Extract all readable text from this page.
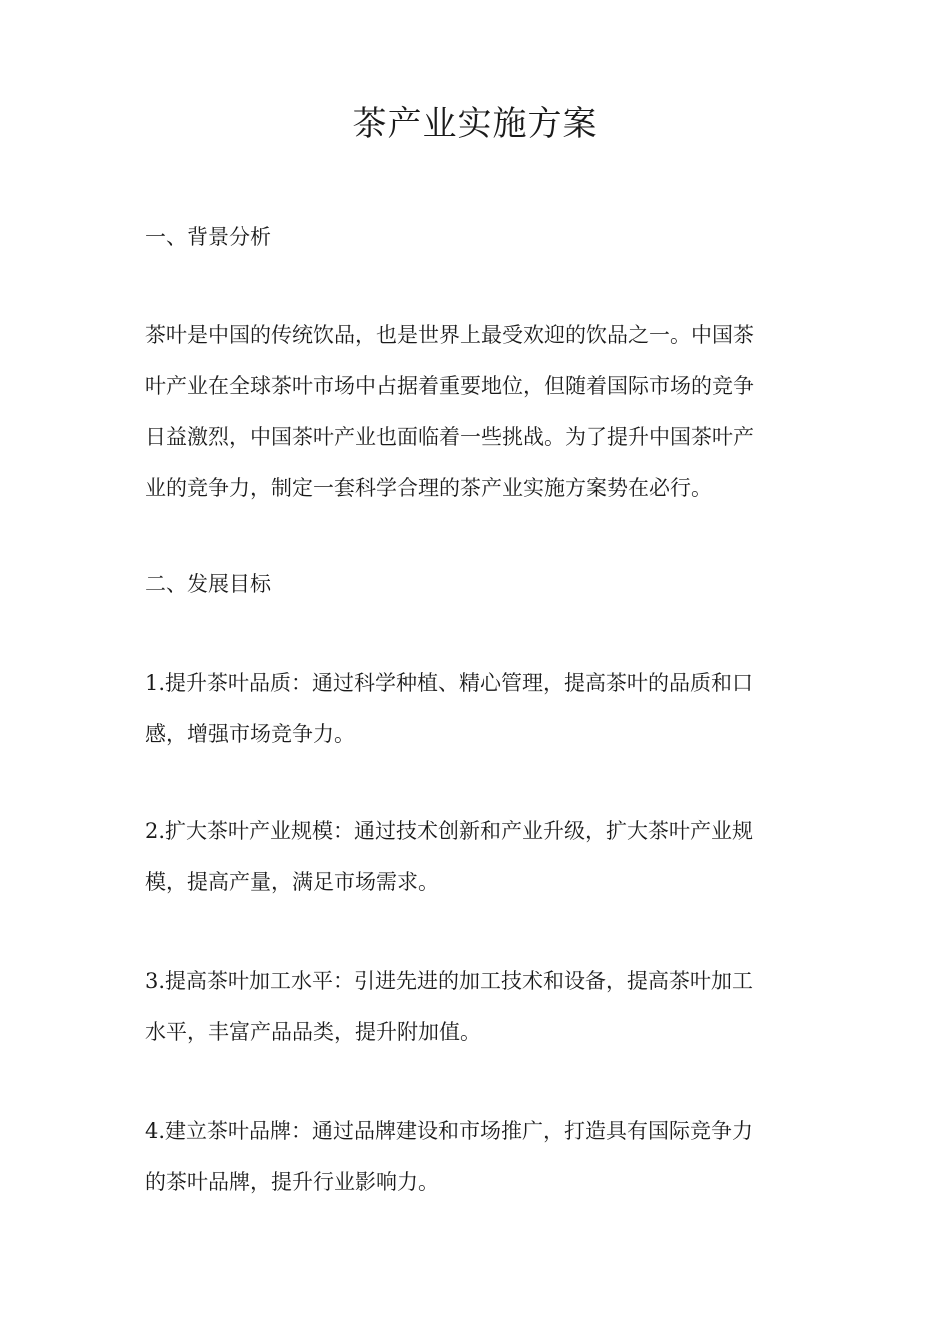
茶产业实施方案
一、背景分析

茶叶是中国的传统饮品，也是世界上最受欢迎的饮品之一。中国茶
叶产业在全球茶叶市场中占据着重要地位，但随着国际市场的竞争
日益激烈，中国茶叶产业也面临着一些挑战。为了提升中国茶叶产
业的竞争力，制定一套科学合理的茶产业实施方案势在必行。

二、发展目标

1.提升茶叶品质：通过科学种植、精心管理，提高茶叶的品质和口
感，增强市场竞争力。

2.扩大茶叶产业规模：通过技术创新和产业升级，扩大茶叶产业规
模，提高产量，满足市场需求。

3.提高茶叶加工水平：引进先进的加工技术和设备，提高茶叶加工
水平，丰富产品品类，提升附加值。

4.建立茶叶品牌：通过品牌建设和市场推广，打造具有国际竞争力
的茶叶品牌，提升行业影响力。
